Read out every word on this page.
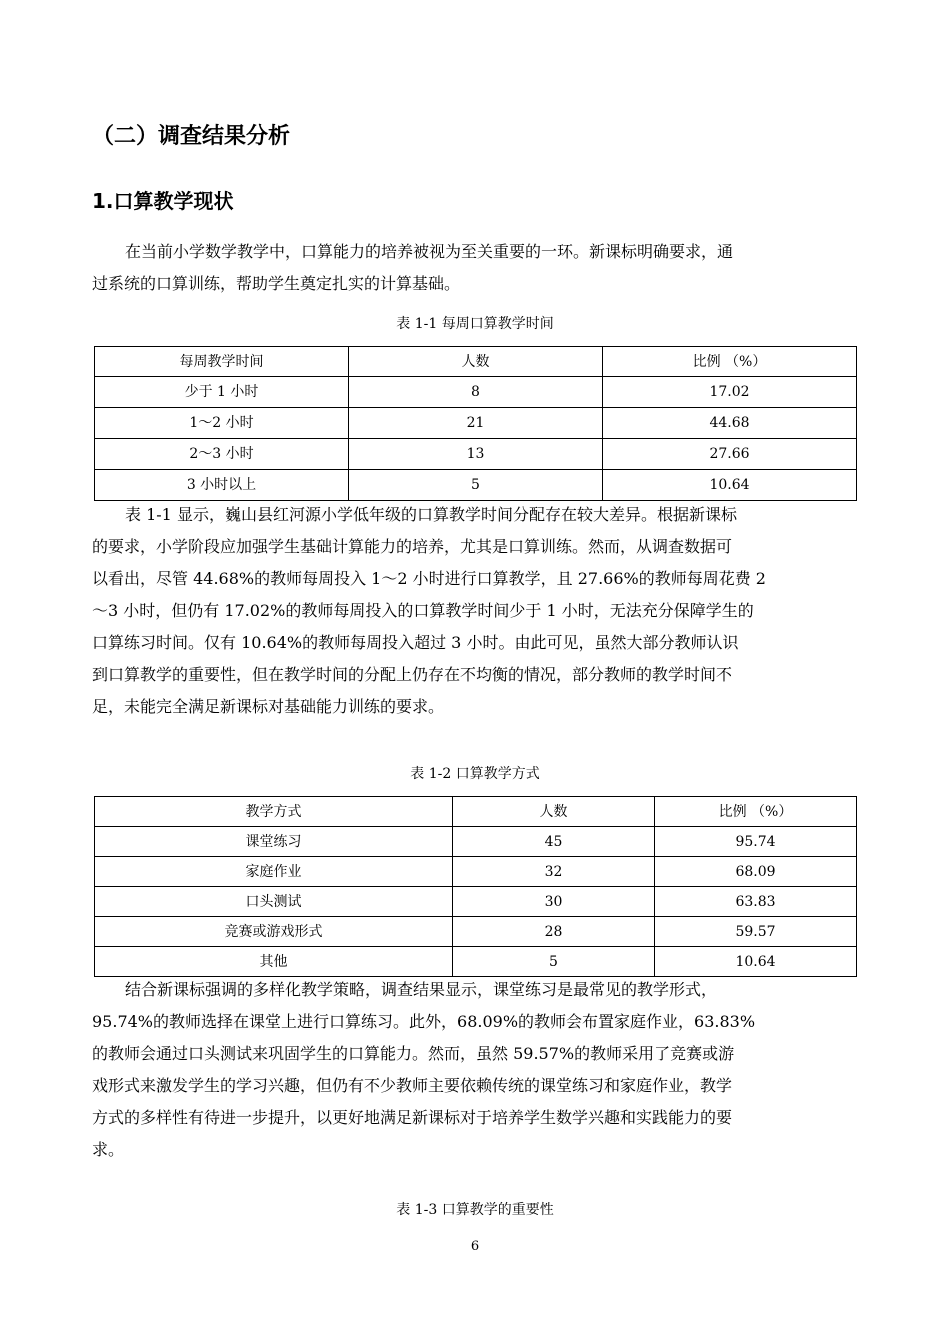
（二）调查结果分析
1.口算教学现状

在当前小学数学教学中，口算能力的培养被视为至关重要的一环。新课标明确要求，通
过系统的口算训练，帮助学生奠定扎实的计算基础。

表 1-1 每周口算教学时间
每周教学时间	人数	比例 （%）
少于 1 小时	8	17.02
1～2 小时	21	44.68
2～3 小时	13	27.66
3 小时以上	5	10.64

表 1-1 显示，巍山县红河源小学低年级的口算教学时间分配存在较大差异。根据新课标
的要求，小学阶段应加强学生基础计算能力的培养，尤其是口算训练。然而，从调查数据可
以看出，尽管 44.68%的教师每周投入 1～2 小时进行口算教学，且 27.66%的教师每周花费 2
～3 小时，但仍有 17.02%的教师每周投入的口算教学时间少于 1 小时，无法充分保障学生的
口算练习时间。仅有 10.64%的教师每周投入超过 3 小时。由此可见，虽然大部分教师认识
到口算教学的重要性，但在教学时间的分配上仍存在不均衡的情况，部分教师的教学时间不
足，未能完全满足新课标对基础能力训练的要求。

表 1-2 口算教学方式
教学方式	人数	比例 （%）
课堂练习	45	95.74
家庭作业	32	68.09
口头测试	30	63.83
竞赛或游戏形式	28	59.57
其他	5	10.64

结合新课标强调的多样化教学策略，调查结果显示，课堂练习是最常见的教学形式，
95.74%的教师选择在课堂上进行口算练习。此外，68.09%的教师会布置家庭作业，63.83%
的教师会通过口头测试来巩固学生的口算能力。然而，虽然 59.57%的教师采用了竞赛或游
戏形式来激发学生的学习兴趣，但仍有不少教师主要依赖传统的课堂练习和家庭作业，教学
方式的多样性有待进一步提升，以更好地满足新课标对于培养学生数学兴趣和实践能力的要
求。

表 1-3 口算教学的重要性
6
